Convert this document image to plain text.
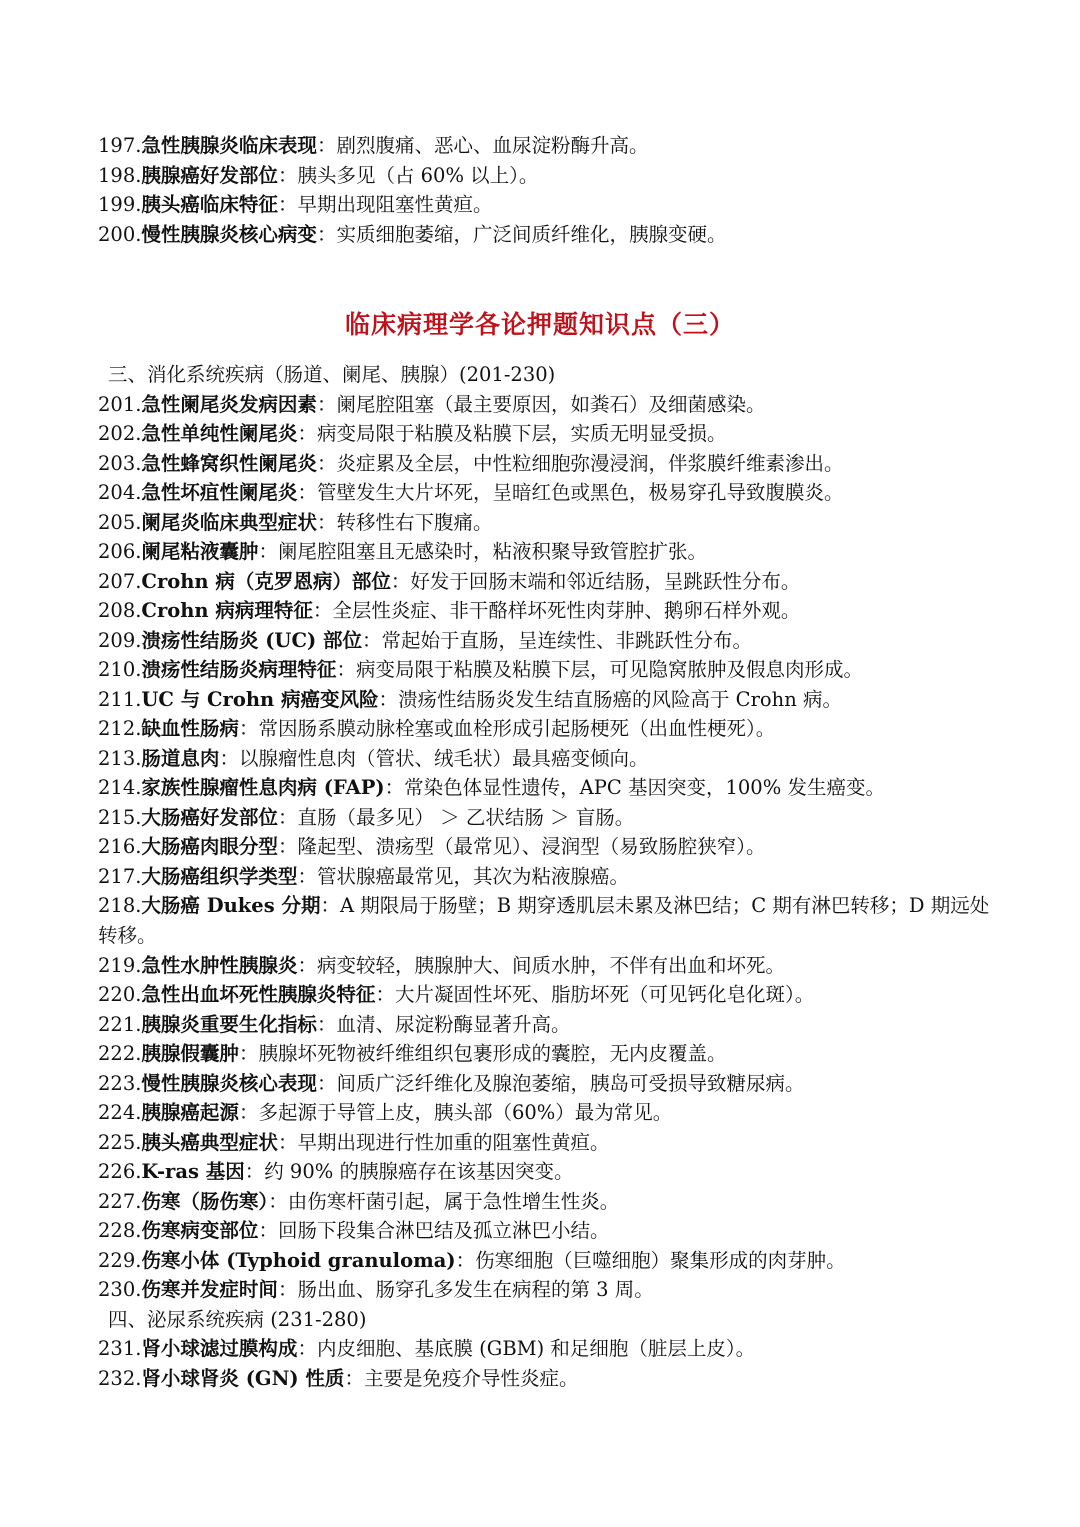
197.急性胰腺炎临床表现：剧烈腹痛、恶心、血尿淀粉酶升高。
198.胰腺癌好发部位：胰头多见（占 60% 以上）。
199.胰头癌临床特征：早期出现阻塞性黄疸。
200.慢性胰腺炎核心病变：实质细胞萎缩，广泛间质纤维化，胰腺变硬。
临床病理学各论押题知识点（三）
三、消化系统疾病（肠道、阑尾、胰腺）(201-230)
201.急性阑尾炎发病因素：阑尾腔阻塞（最主要原因，如粪石）及细菌感染。
202.急性单纯性阑尾炎：病变局限于粘膜及粘膜下层，实质无明显受损。
203.急性蜂窝织性阑尾炎：炎症累及全层，中性粒细胞弥漫浸润，伴浆膜纤维素渗出。
204.急性坏疽性阑尾炎：管壁发生大片坏死，呈暗红色或黑色，极易穿孔导致腹膜炎。
205.阑尾炎临床典型症状：转移性右下腹痛。
206.阑尾粘液囊肿：阑尾腔阻塞且无感染时，粘液积聚导致管腔扩张。
207.Crohn 病（克罗恩病）部位：好发于回肠末端和邻近结肠，呈跳跃性分布。
208.Crohn 病病理特征：全层性炎症、非干酪样坏死性肉芽肿、鹅卵石样外观。
209.溃疡性结肠炎 (UC) 部位：常起始于直肠，呈连续性、非跳跃性分布。
210.溃疡性结肠炎病理特征：病变局限于粘膜及粘膜下层，可见隐窝脓肿及假息肉形成。
211.UC 与 Crohn 病癌变风险：溃疡性结肠炎发生结直肠癌的风险高于 Crohn 病。
212.缺血性肠病：常因肠系膜动脉栓塞或血栓形成引起肠梗死（出血性梗死）。
213.肠道息肉：以腺瘤性息肉（管状、绒毛状）最具癌变倾向。
214.家族性腺瘤性息肉病 (FAP)：常染色体显性遗传，APC 基因突变，100% 发生癌变。
215.大肠癌好发部位：直肠（最多见） ＞ 乙状结肠 ＞ 盲肠。
216.大肠癌肉眼分型：隆起型、溃疡型（最常见）、浸润型（易致肠腔狭窄）。
217.大肠癌组织学类型：管状腺癌最常见，其次为粘液腺癌。
218.大肠癌 Dukes 分期：A 期限局于肠壁；B 期穿透肌层未累及淋巴结；C 期有淋巴转移；D 期远处转移。
219.急性水肿性胰腺炎：病变较轻，胰腺肿大、间质水肿，不伴有出血和坏死。
220.急性出血坏死性胰腺炎特征：大片凝固性坏死、脂肪坏死（可见钙化皂化斑）。
221.胰腺炎重要生化指标：血清、尿淀粉酶显著升高。
222.胰腺假囊肿：胰腺坏死物被纤维组织包裹形成的囊腔，无内皮覆盖。
223.慢性胰腺炎核心表现：间质广泛纤维化及腺泡萎缩，胰岛可受损导致糖尿病。
224.胰腺癌起源：多起源于导管上皮，胰头部（60%）最为常见。
225.胰头癌典型症状：早期出现进行性加重的阻塞性黄疸。
226.K-ras 基因：约 90% 的胰腺癌存在该基因突变。
227.伤寒（肠伤寒）：由伤寒杆菌引起，属于急性增生性炎。
228.伤寒病变部位：回肠下段集合淋巴结及孤立淋巴小结。
229.伤寒小体 (Typhoid granuloma)：伤寒细胞（巨噬细胞）聚集形成的肉芽肿。
230.伤寒并发症时间：肠出血、肠穿孔多发生在病程的第 3 周。
四、泌尿系统疾病 (231-280)
231.肾小球滤过膜构成：内皮细胞、基底膜 (GBM) 和足细胞（脏层上皮）。
232.肾小球肾炎 (GN) 性质：主要是免疫介导性炎症。
